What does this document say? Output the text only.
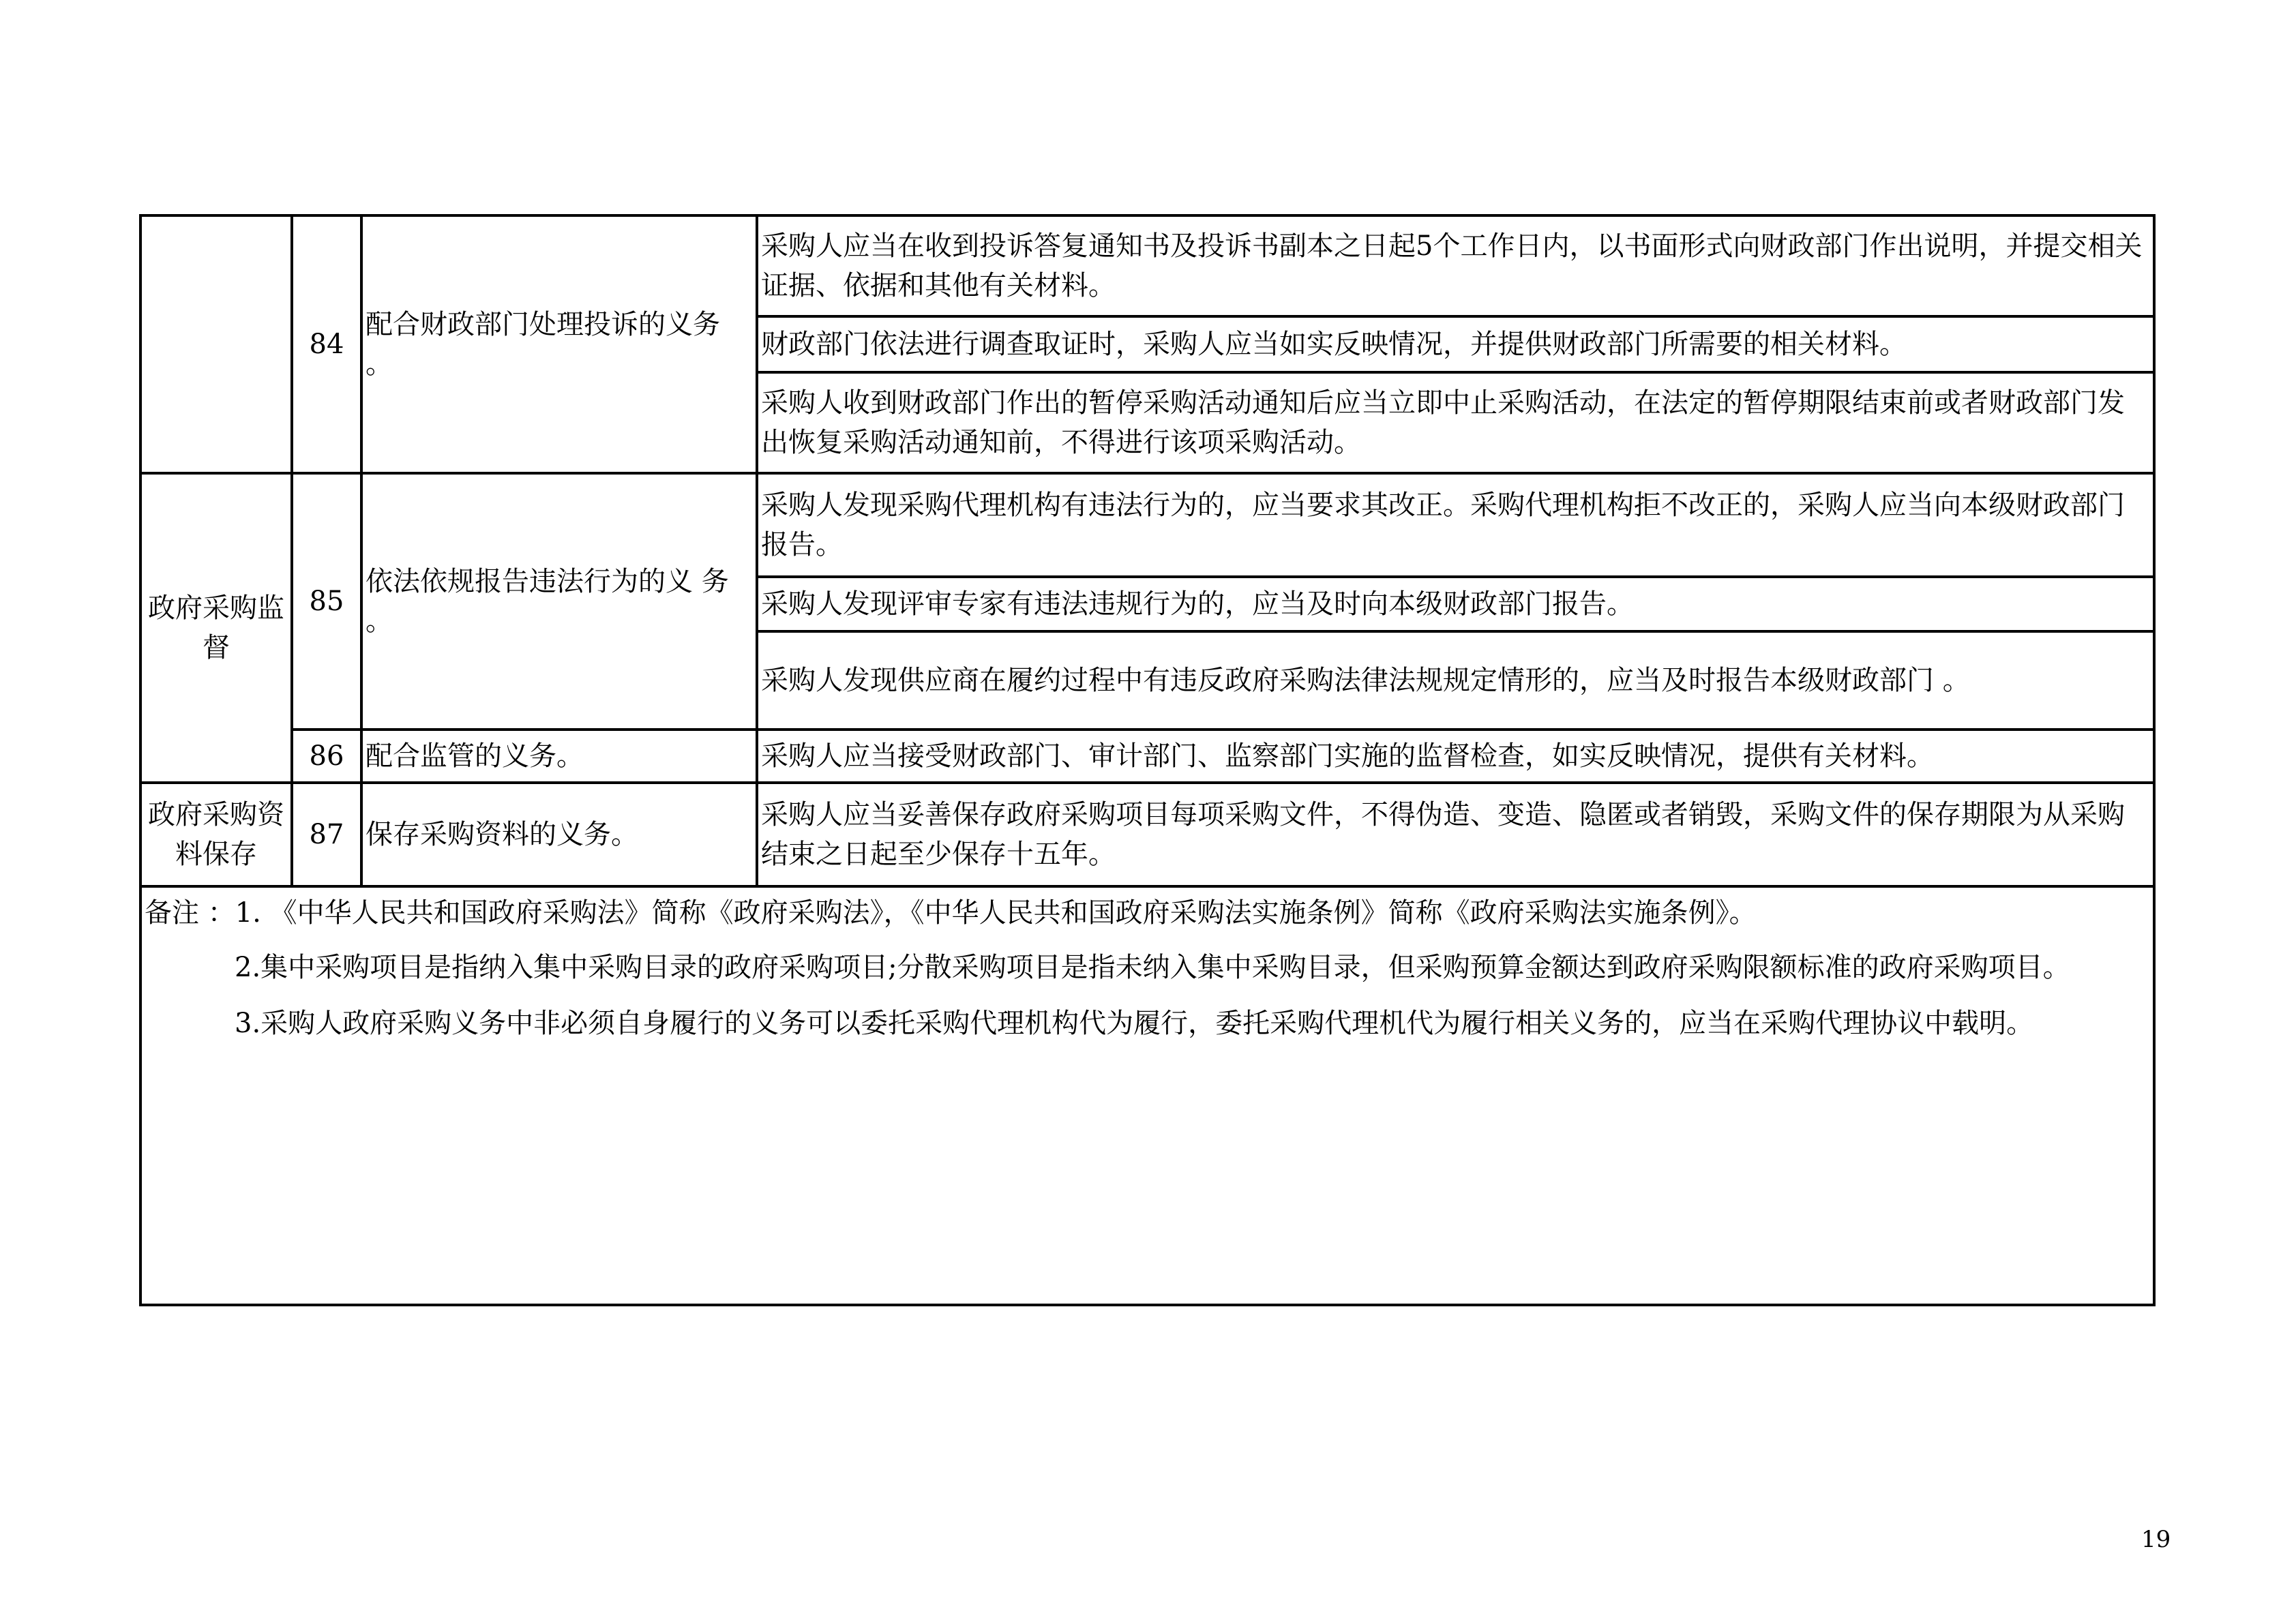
	84	配合财政部门处理投诉的义务 。	采购人应当在收到投诉答复通知书及投诉书副本之日起5个工作日内，以书面形式向财政部门作出说明，并提交相关证据、依据和其他有关材料。
			财政部门依法进行调查取证时，采购人应当如实反映情况，并提供财政部门所需要的相关材料。
			采购人收到财政部门作出的暂停采购活动通知后应当立即中止采购活动，在法定的暂停期限结束前或者财政部门发出恢复采购活动通知前，不得进行该项采购活动。
政府采购监督	85	依法依规报告违法行为的义 务 。	采购人发现采购代理机构有违法行为的，应当要求其改正。采购代理机构拒不改正的，采购人应当向本级财政部门报告。
			采购人发现评审专家有违法违规行为的，应当及时向本级财政部门报告。
			采购人发现供应商在履约过程中有违反政府采购法律法规规定情形的，应当及时报告本级财政部门 。
	86	配合监管的义务。	采购人应当接受财政部门、审计部门、监察部门实施的监督检查，如实反映情况，提供有关材料。
政府采购资料保存	87	保存采购资料的义务。	采购人应当妥善保存政府采购项目每项采购文件，不得伪造、变造、隐匿或者销毁，采购文件的保存期限为从采购结束之日起至少保存十五年。

备注 ：1. 《中华人民共和国政府采购法》简称《政府采购法》，《中华人民共和国政府采购法实施条例》简称《政府采购法实施条例》。

2.集中采购项目是指纳入集中采购目录的政府采购项目;分散采购项目是指未纳入集中采购目录，但采购预算金额达到政府采购限额标准的政府采购项目。

3.采购人政府采购义务中非必须自身履行的义务可以委托采购代理机构代为履行，委托采购代理机代为履行相关义务的，应当在采购代理协议中载明。			

19
